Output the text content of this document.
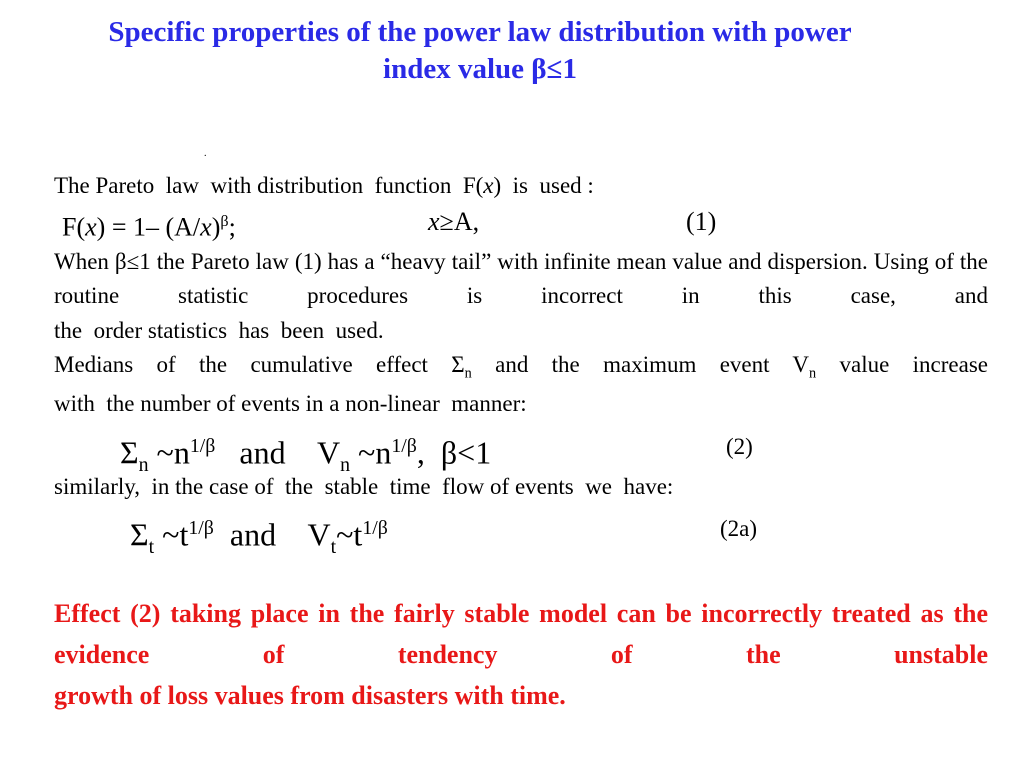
Specific properties of the power law distribution with power
index value β≤1
.
The Pareto  law  with distribution  function  F(x)  is  used :
F(x) = 1– $(A/x)^\beta$;	x≥A,	(1)
When β≤1 the Pareto law (1) has a “heavy tail” with infinite mean value and dispersion. Using of the routine statistic procedures is incorrect in this case, and
the  order statistics  has  been  used.
Medians of the cumulative effect $\Sigma_n$ and the maximum event $V_n$ value increase
with  the number of events in a non-linear  manner:
$\Sigma_n$ $\sim n^{1/\beta}$   and    $V_n$ $\sim n^{1/\beta}$,  β<1	(2)
similarly,  in the case of  the  stable  time  flow of events  we  have:
$\Sigma_t$ $\sim t^{1/\beta}$  and    $V_t\sim t^{1/\beta}$	(2a)
Effect (2) taking place in the fairly stable model can be incorrectly treated as the evidence of tendency of the unstable
growth of loss values from disasters with time.
